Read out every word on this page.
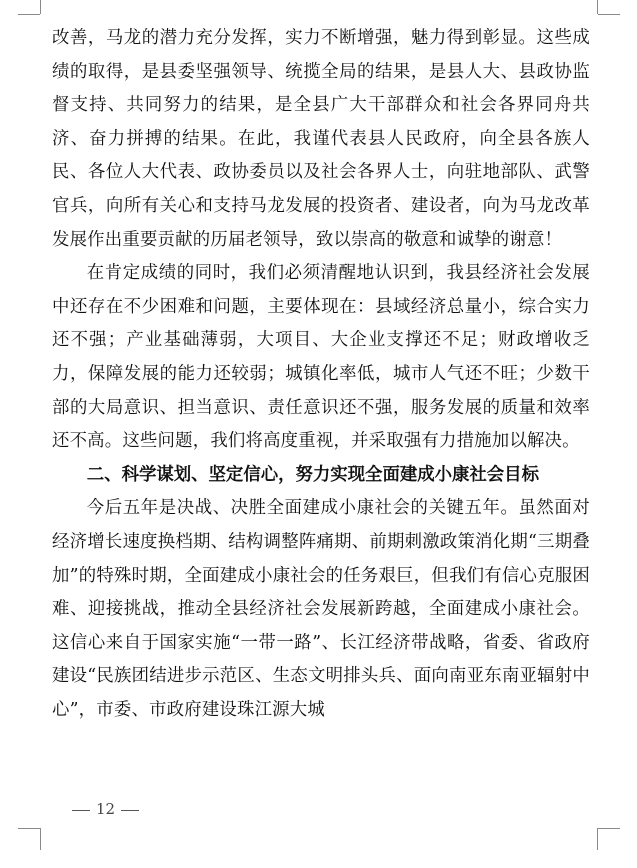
改善，马龙的潜力充分发挥，实力不断增强，魅力得到彰显。这些成绩的取得，是县委坚强领导、统揽全局的结果，是县人大、县政协监督支持、共同努力的结果，是全县广大干部群众和社会各界同舟共济、奋力拼搏的结果。在此，我谨代表县人民政府，向全县各族人民、各位人大代表、政协委员以及社会各界人士，向驻地部队、武警官兵，向所有关心和支持马龙发展的投资者、建设者，向为马龙改革发展作出重要贡献的历届老领导，致以崇高的敬意和诚挚的谢意！

在肯定成绩的同时，我们必须清醒地认识到，我县经济社会发展中还存在不少困难和问题，主要体现在：县域经济总量小，综合实力还不强；产业基础薄弱，大项目、大企业支撑还不足；财政增收乏力，保障发展的能力还较弱；城镇化率低，城市人气还不旺；少数干部的大局意识、担当意识、责任意识还不强，服务发展的质量和效率还不高。这些问题，我们将高度重视，并采取强有力措施加以解决。

二、科学谋划、坚定信心，努力实现全面建成小康社会目标

今后五年是决战、决胜全面建成小康社会的关键五年。虽然面对经济增长速度换档期、结构调整阵痛期、前期刺激政策消化期“三期叠加”的特殊时期，全面建成小康社会的任务艰巨，但我们有信心克服困难、迎接挑战，推动全县经济社会发展新跨越，全面建成小康社会。这信心来自于国家实施“一带一路”、长江经济带战略，省委、省政府建设“民族团结进步示范区、生态文明排头兵、面向南亚东南亚辐射中心”，市委、市政府建设珠江源大城

12
